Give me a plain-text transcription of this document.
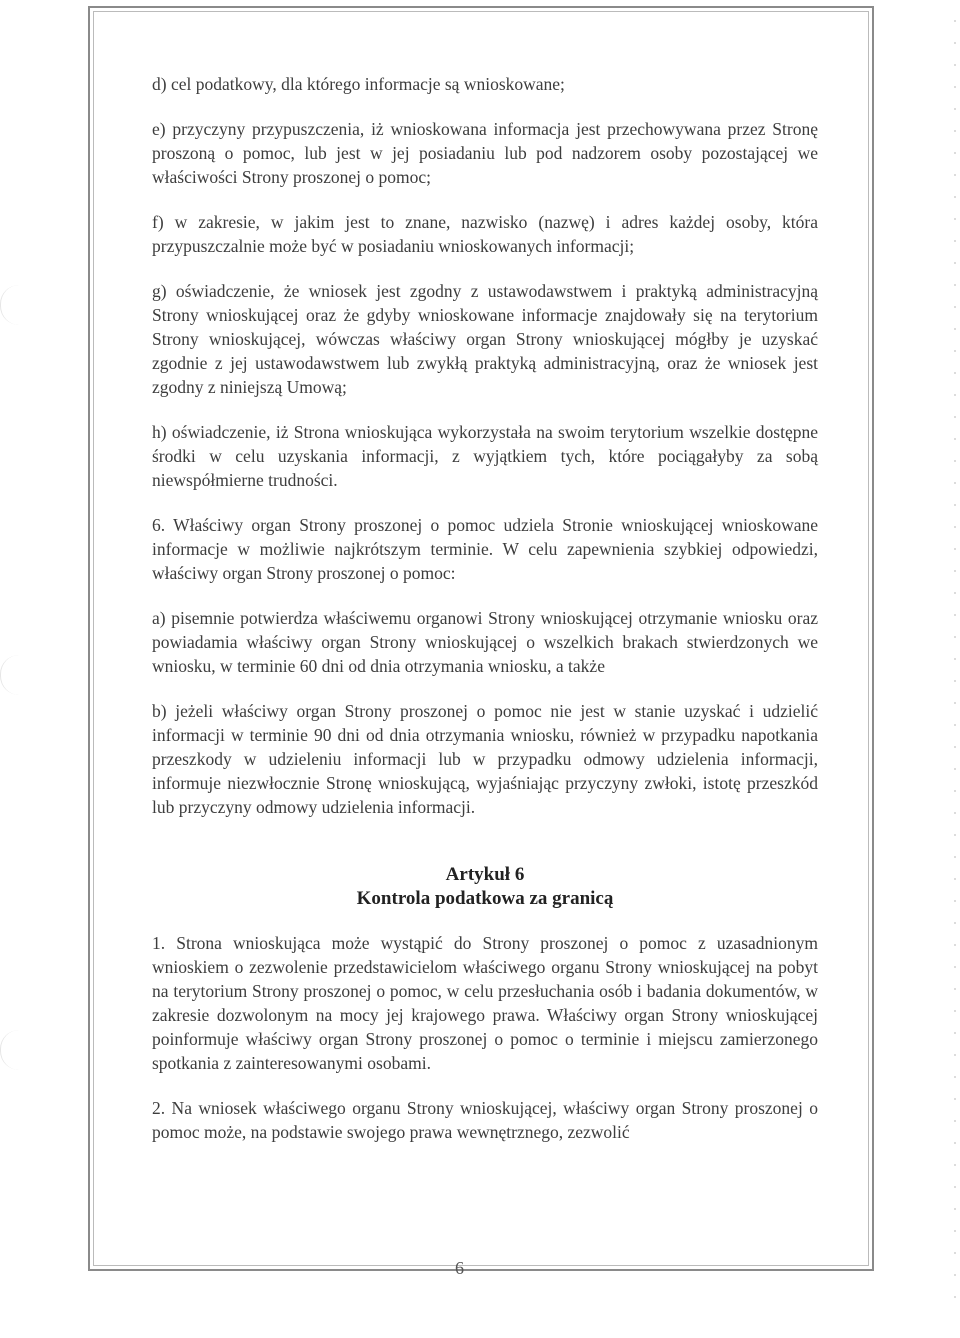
d) cel podatkowy, dla którego informacje są wnioskowane;

e) przyczyny przypuszczenia, iż wnioskowana informacja jest przechowywana przez Stronę proszoną o pomoc, lub jest w jej posiadaniu lub pod nadzorem osoby pozostającej we właściwości Strony proszonej o pomoc;

f) w zakresie, w jakim jest to znane, nazwisko (nazwę) i adres każdej osoby, która przypuszczalnie może być w posiadaniu wnioskowanych informacji;

g) oświadczenie, że wniosek jest zgodny z ustawodawstwem i praktyką administracyjną Strony wnioskującej oraz że gdyby wnioskowane informacje znajdowały się na terytorium Strony wnioskującej, wówczas właściwy organ Strony wnioskującej mógłby je uzyskać zgodnie z jej ustawodawstwem lub zwykłą praktyką administracyjną, oraz że wniosek jest zgodny z niniejszą Umową;

h) oświadczenie, iż Strona wnioskująca wykorzystała na swoim terytorium wszelkie dostępne środki w celu uzyskania informacji, z wyjątkiem tych, które pociągałyby za sobą niewspółmierne trudności.

6. Właściwy organ Strony proszonej o pomoc udziela Stronie wnioskującej wnioskowane informacje w możliwie najkrótszym terminie. W celu zapewnienia szybkiej odpowiedzi, właściwy organ Strony proszonej o pomoc:

a) pisemnie potwierdza właściwemu organowi Strony wnioskującej otrzymanie wniosku oraz powiadamia właściwy organ Strony wnioskującej o wszelkich brakach stwierdzonych we wniosku, w terminie 60 dni od dnia otrzymania wniosku, a także

b) jeżeli właściwy organ Strony proszonej o pomoc nie jest w stanie uzyskać i udzielić informacji w terminie 90 dni od dnia otrzymania wniosku, również w przypadku napotkania przeszkody w udzieleniu informacji lub w przypadku odmowy udzielenia informacji, informuje niezwłocznie Stronę wnioskującą, wyjaśniając przyczyny zwłoki, istotę przeszkód lub przyczyny odmowy udzielenia informacji.

Artykuł 6

Kontrola podatkowa za granicą

1. Strona wnioskująca może wystąpić do Strony proszonej o pomoc z uzasadnionym wnioskiem o zezwolenie przedstawicielom właściwego organu Strony wnioskującej na pobyt na terytorium Strony proszonej o pomoc, w celu przesłuchania osób i badania dokumentów, w zakresie dozwolonym na mocy jej krajowego prawa. Właściwy organ Strony wnioskującej poinformuje właściwy organ Strony proszonej o pomoc o terminie i miejscu zamierzonego spotkania z zainteresowanymi osobami.

2. Na wniosek właściwego organu Strony wnioskującej, właściwy organ Strony proszonej o pomoc może, na podstawie swojego prawa wewnętrznego, zezwolić

6
